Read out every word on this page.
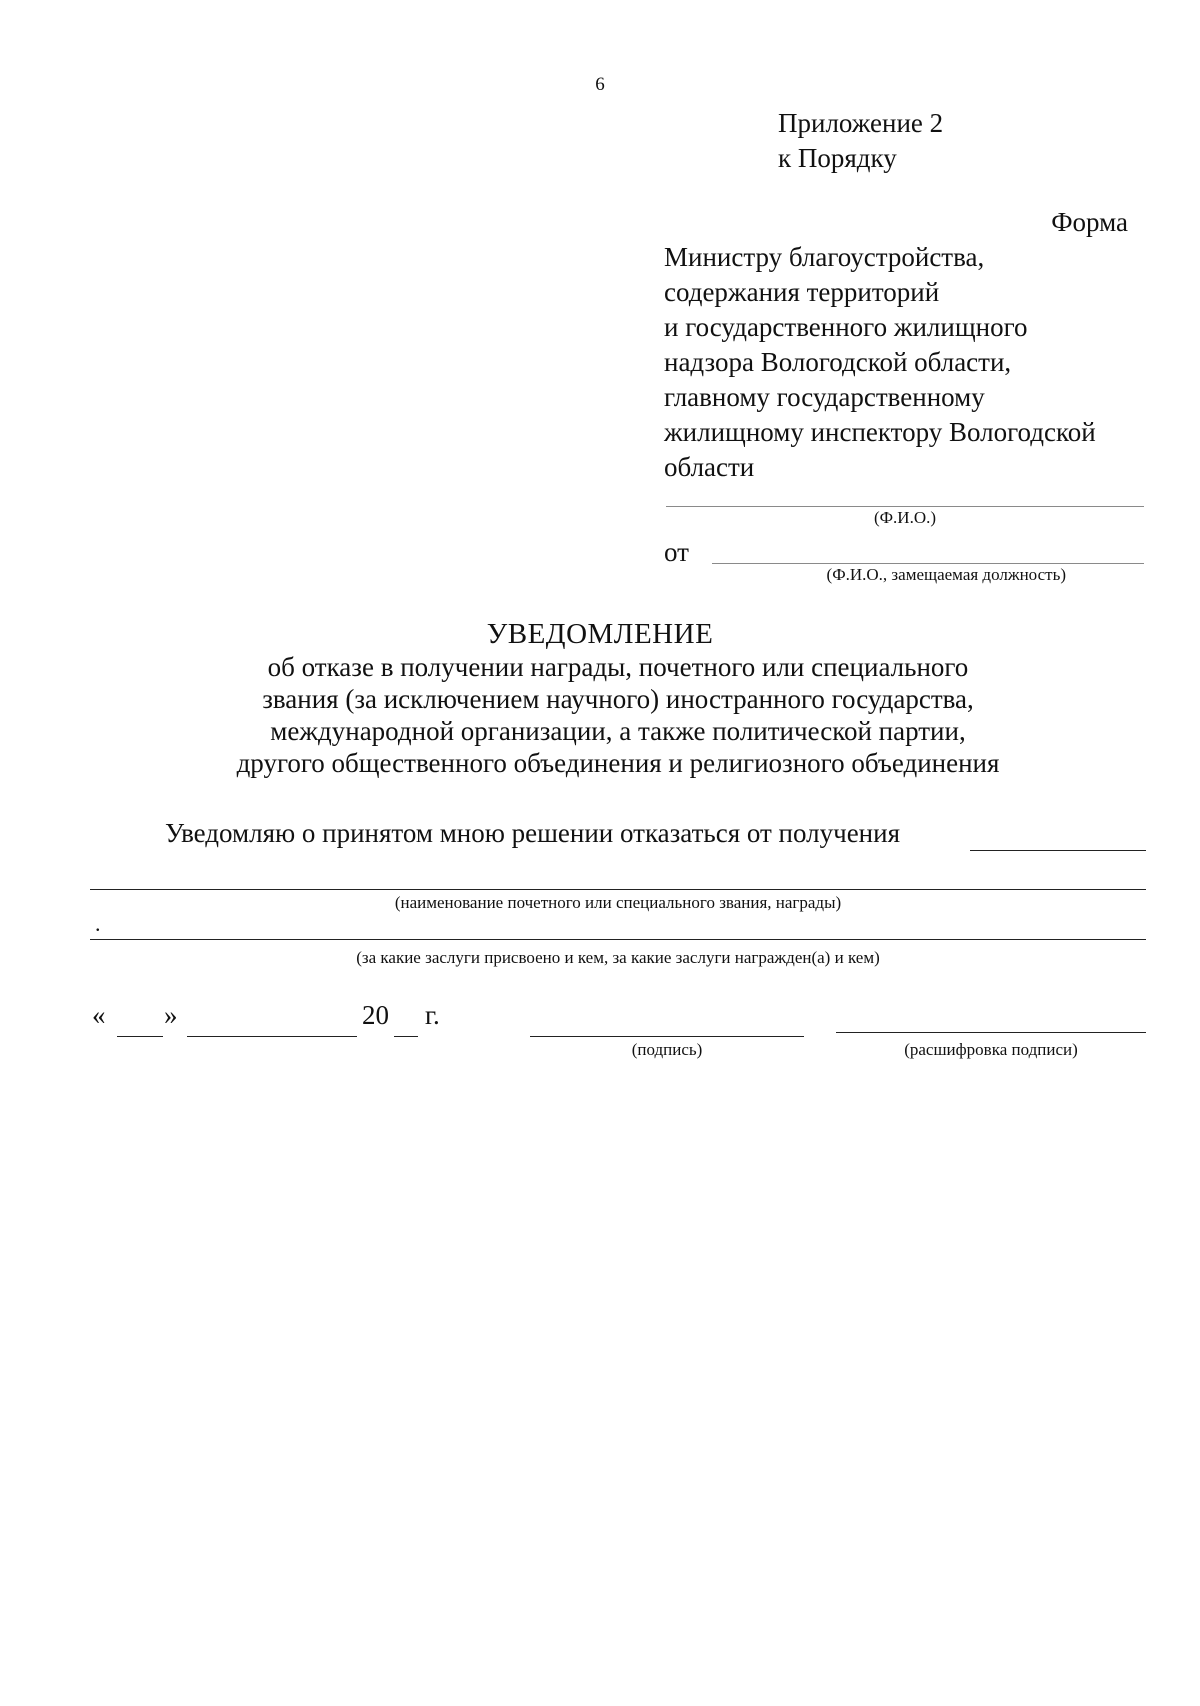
6
Приложение 2
к Порядку
Форма
Министру благоустройства,
содержания территорий
и государственного жилищного
надзора Вологодской области,
главному государственному
жилищному инспектору Вологодской
области
(Ф.И.О.)
от
(Ф.И.О., замещаемая должность)
УВЕДОМЛЕНИЕ
об отказе в получении награды, почетного или специального
звания (за исключением научного) иностранного государства,
международной организации, а также политической партии,
другого общественного объединения и религиозного объединения
Уведомляю о принятом мною решении отказаться от получения
(наименование почетного или специального звания, награды)
.
(за какие заслуги присвоено и кем, за какие заслуги награжден(а) и кем)
« »	20 г.
(подпись)	(расшифровка подписи)
